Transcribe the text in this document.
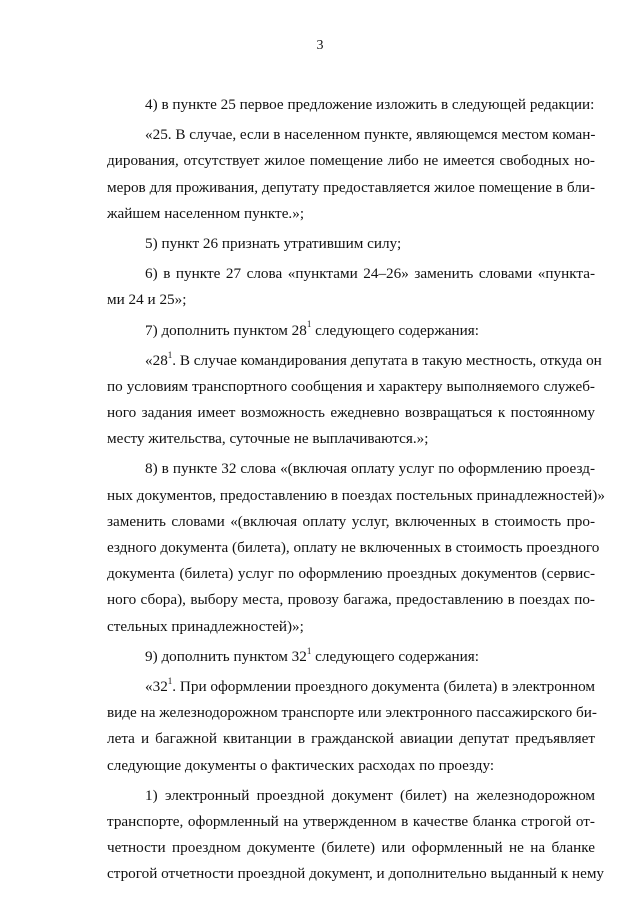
3
4) в пункте 25 первое предложение изложить в следующей редакции:
«25. В случае, если в населенном пункте, являющемся местом коман-
дирования, отсутствует жилое помещение либо не имеется свободных но-
меров для проживания, депутату предоставляется жилое помещение в бли-
жайшем населенном пункте.»;
5) пункт 26 признать утратившим силу;
6) в пункте 27 слова «пунктами 24–26» заменить словами «пункта-
ми 24 и 25»;
7) дополнить пунктом $28^1$ следующего содержания:
«$28^1$. В случае командирования депутата в такую местность, откуда он
по условиям транспортного сообщения и характеру выполняемого служеб-
ного задания имеет возможность ежедневно возвращаться к постоянному
месту жительства, суточные не выплачиваются.»;
8) в пункте 32 слова «(включая оплату услуг по оформлению проезд-
ных документов, предоставлению в поездах постельных принадлежностей)»
заменить словами «(включая оплату услуг, включенных в стоимость про-
ездного документа (билета), оплату не включенных в стоимость проездного
документа (билета) услуг по оформлению проездных документов (сервис-
ного сбора), выбору места, провозу багажа, предоставлению в поездах по-
стельных принадлежностей)»;
9) дополнить пунктом $32^1$ следующего содержания:
«$32^1$. При оформлении проездного документа (билета) в электронном
виде на железнодорожном транспорте или электронного пассажирского би-
лета и багажной квитанции в гражданской авиации депутат предъявляет
следующие документы о фактических расходах по проезду:
1) электронный проездной документ (билет) на железнодорожном
транспорте, оформленный на утвержденном в качестве бланка строгой от-
четности проездном документе (билете) или оформленный не на бланке
строгой отчетности проездной документ, и дополнительно выданный к нему
